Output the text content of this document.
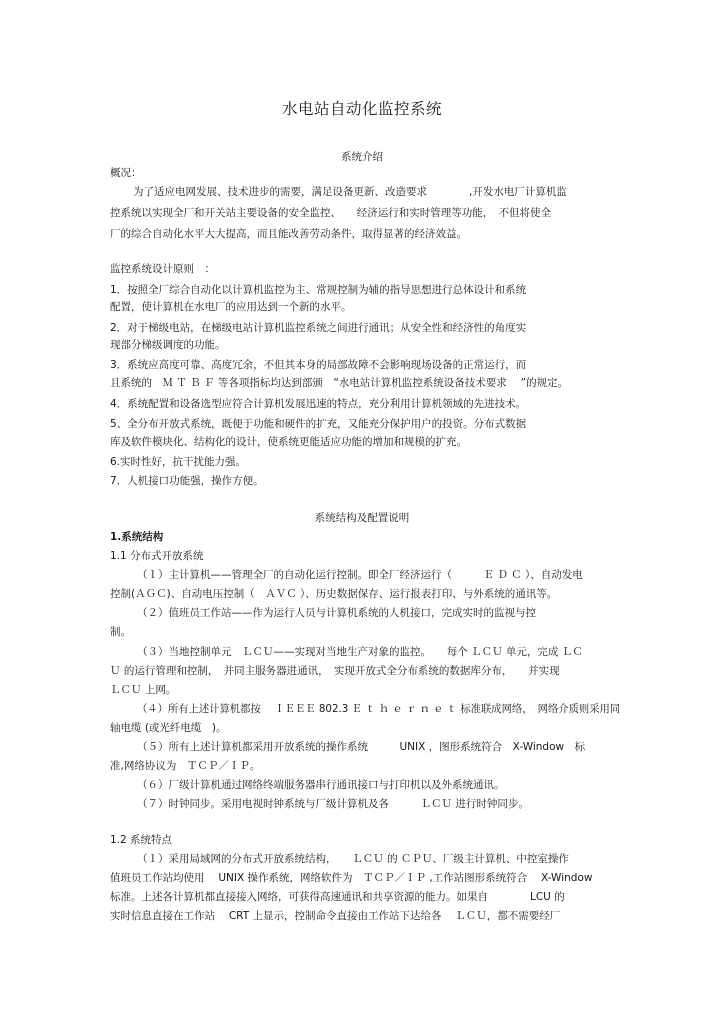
水电站自动化监控系统
系统介绍
概况：
为了适应电网发展、技术进步的需要，满足设备更新、改造要求　　　　,开发水电厂计算机监
控系统以实现全厂和开关站主要设备的安全监控、　　经济运行和实时管理等功能，　不但将使全
厂的综合自动化水平大大提高，而且能改善劳动条件，取得显著的经济效益。
监控系统设计原则　：
1．按照全厂综合自动化以计算机监控为主、常规控制为辅的指导思想进行总体设计和系统
配置，使计算机在水电厂的应用达到一个新的水平。
2．对于梯级电站，在梯级电站计算机监控系统之间进行通讯；从安全性和经济性的角度实
现部分梯级调度的功能。
3．系统应高度可靠、高度冗余，不但其本身的局部故障不会影响现场设备的正常运行，而
且系统的　Ｍ Ｔ Ｂ Ｆ 等各项指标均达到部颁　“水电站计算机监控系统设备技术要求　 ”的规定。
4．系统配置和设备选型应符合计算机发展迅速的特点，充分利用计算机领域的先进技术。
5、全分布开放式系统，既便于功能和硬件的扩充，又能充分保护用户的投资。分布式数据
库及软件模块化、结构化的设计，使系统更能适应功能的增加和规模的扩充。
6.实时性好，抗干扰能力强。
7．人机接口功能强，操作方便。
系统结构及配置说明
1.系统结构
1.1 分布式开放系统
（１）主计算机——管理全厂的自动化运行控制。即全厂经济运行（　　　Ｅ Ｄ Ｃ ）、自动发电
控制(ＡＧＣ)、自动电压控制（　ＡＶＣ ）、历史数据保存、运行报表打印、与外系统的通讯等。
（２）值班员工作站——作为运行人员与计算机系统的人机接口，完成实时的监视与控
制。
（３）当地控制单元　ＬＣＵ——实现对当地生产对象的监控。　　每个 ＬＣＵ 单元，完成 ＬＣ
Ｕ 的运行管理和控制，　并同主服务器进通讯，　实现开放式全分布系统的数据库分布，　　并实现
ＬＣＵ 上网。
（４）所有上述计算机都按　 ＩＥＥＥ 802.3 Ｅ ｔ ｈ ｅ ｒ ｎ ｅ ｔ 标准联成网络，　网络介质则采用同
轴电缆 (或光纤电缆　)。
（５）所有上述计算机都采用开放系统的操作系统　　　UNIX ，图形系统符合　X-Window　标
准,网络协议为　ＴＣＰ／ＩＰ。
（６）厂级计算机通过网络终端服务器串行通讯接口与打印机以及外系统通讯。
（７）时钟同步。采用电视时钟系统与厂级计算机及各　　　ＬＣＵ 进行时钟同步。
1.2 系统特点
（１）采用局域网的分布式开放系统结构，　　ＬＣＵ 的 ＣＰＵ、厂级主计算机、中控室操作
值班员工作站均使用　 UNIX 操作系统，网络软件为　ＴＣＰ／ＩＰ ,工作站图形系统符合　 X-Window
标准。上述各计算机都直接接入网络，可获得高速通讯和共享资源的能力。如果自　　　　LCU 的
实时信息直接在工作站　 CRT 上显示，控制命令直接由工作站下达给各　 ＬＣＵ，都不需要经厂
